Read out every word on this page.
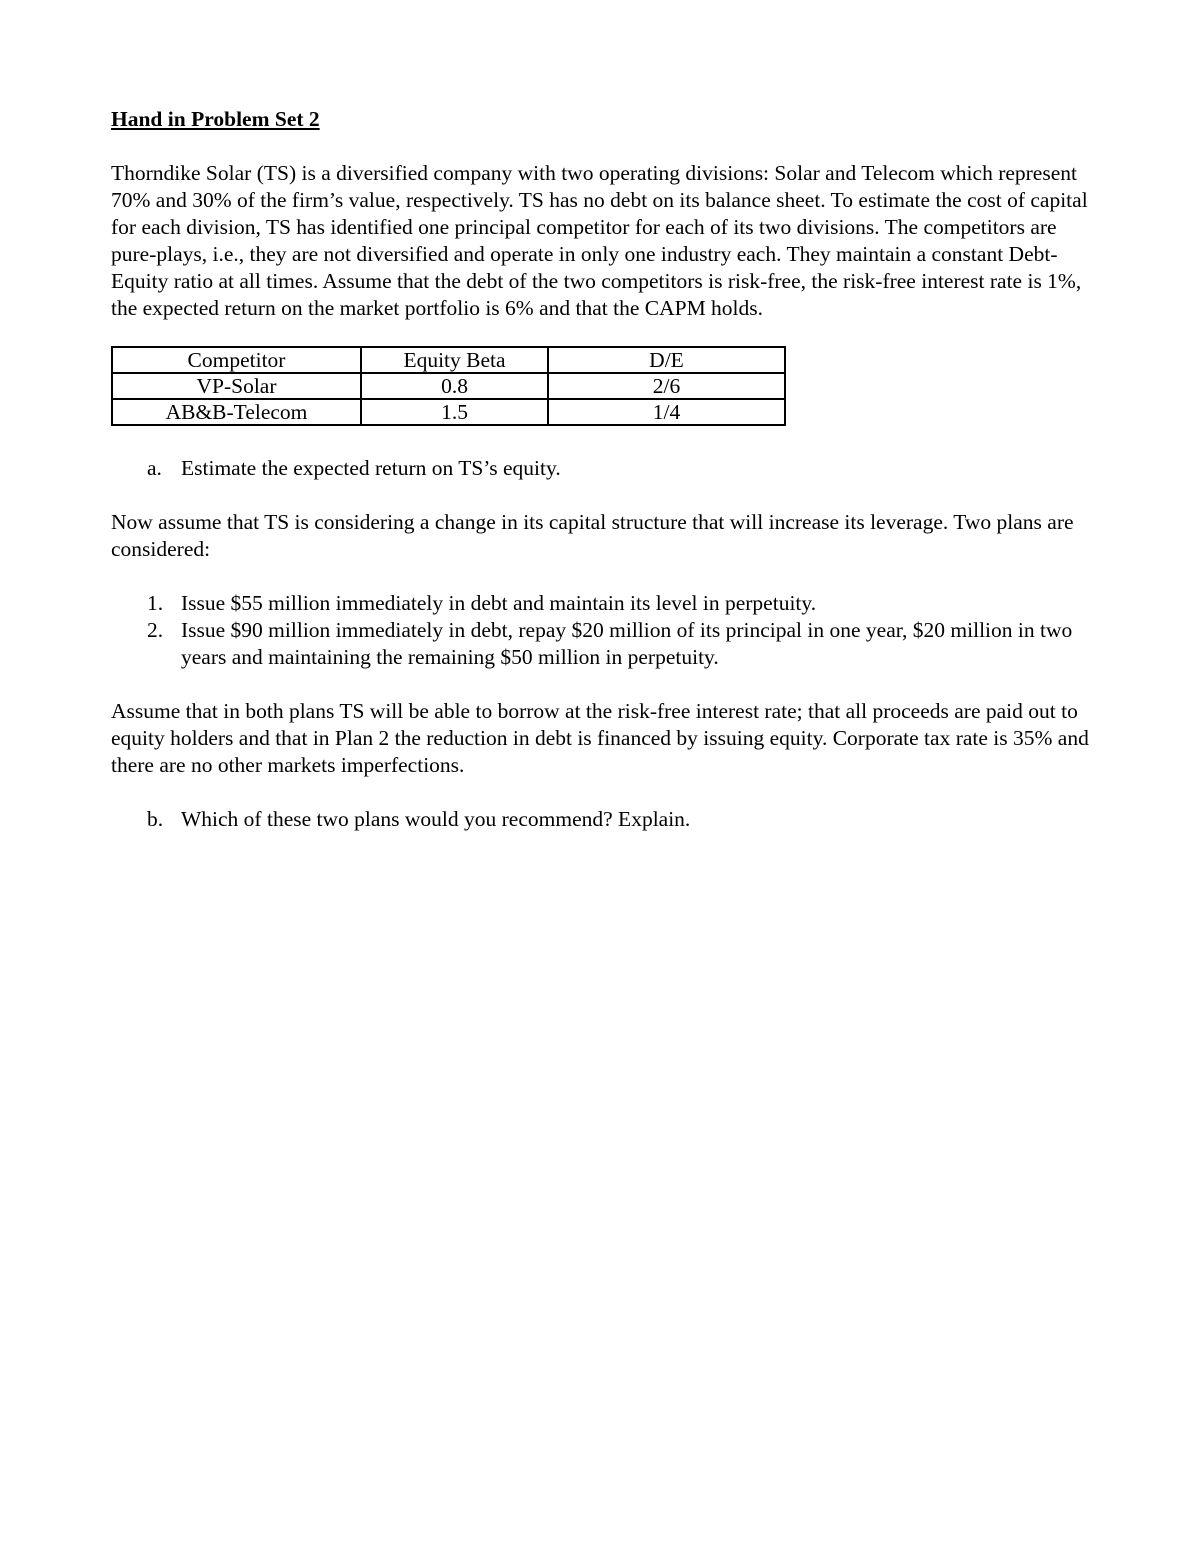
Hand in Problem Set 2

Thorndike Solar (TS) is a diversified company with two operating divisions: Solar and Telecom which represent 70% and 30% of the firm’s value, respectively. TS has no debt on its balance sheet. To estimate the cost of capital for each division, TS has identified one principal competitor for each of its two divisions. The competitors are pure-plays, i.e., they are not diversified and operate in only one industry each. They maintain a constant Debt-Equity ratio at all times. Assume that the debt of the two competitors is risk-free, the risk-free interest rate is 1%, the expected return on the market portfolio is 6% and that the CAPM holds.

Competitor	Equity Beta	D/E
VP-Solar	0.8	2/6
AB&B-Telecom	1.5	1/4

a. Estimate the expected return on TS’s equity.

Now assume that TS is considering a change in its capital structure that will increase its leverage. Two plans are considered:

1. Issue $55 million immediately in debt and maintain its level in perpetuity.

2. Issue $90 million immediately in debt, repay $20 million of its principal in one year, $20 million in two years and maintaining the remaining $50 million in perpetuity.

Assume that in both plans TS will be able to borrow at the risk-free interest rate; that all proceeds are paid out to equity holders and that in Plan 2 the reduction in debt is financed by issuing equity. Corporate tax rate is 35% and there are no other markets imperfections.

b. Which of these two plans would you recommend? Explain.
